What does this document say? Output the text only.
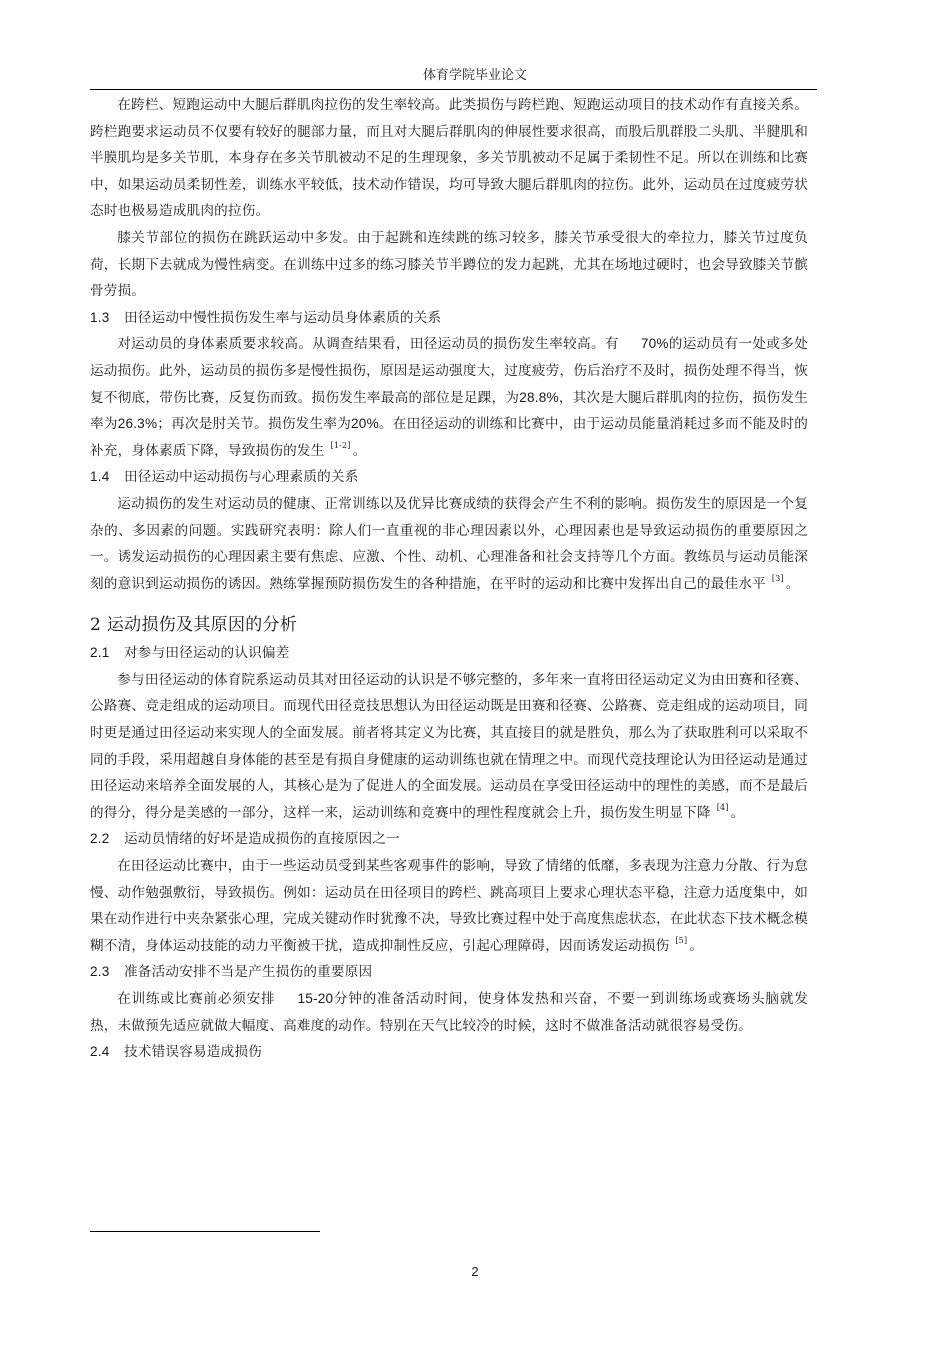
体育学院毕业论文

在跨栏、短跑运动中大腿后群肌肉拉伤的发生率较高。此类损伤与跨栏跑、短跑运动项目的技术动作有直接关系。跨栏跑要求运动员不仅要有较好的腿部力量，而且对大腿后群肌肉的伸展性要求很高，而股后肌群股二头肌、半腱肌和半膜肌均是多关节肌，本身存在多关节肌被动不足的生理现象，多关节肌被动不足属于柔韧性不足。所以在训练和比赛中，如果运动员柔韧性差，训练水平较低，技术动作错误，均可导致大腿后群肌肉的拉伤。此外，运动员在过度疲劳状态时也极易造成肌肉的拉伤。

膝关节部位的损伤在跳跃运动中多发。由于起跳和连续跳的练习较多，膝关节承受很大的牵拉力，膝关节过度负荷，长期下去就成为慢性病变。在训练中过多的练习膝关节半蹲位的发力起跳，尤其在场地过硬时，也会导致膝关节髌骨劳损。

1.3 田径运动中慢性损伤发生率与运动员身体素质的关系

对运动员的身体素质要求较高。从调查结果看，田径运动员的损伤发生率较高。有 70%的运动员有一处或多处运动损伤。此外，运动员的损伤多是慢性损伤，原因是运动强度大，过度疲劳，伤后治疗不及时，损伤处理不得当，恢复不彻底，带伤比赛，反复伤而致。损伤发生率最高的部位是足踝，为28.8%，其次是大腿后群肌肉的拉伤，损伤发生率为26.3%；再次是肘关节。损伤发生率为20%。在田径运动的训练和比赛中，由于运动员能量消耗过多而不能及时的补充，身体素质下降，导致损伤的发生 [1-2] 。

1.4 田径运动中运动损伤与心理素质的关系

运动损伤的发生对运动员的健康、正常训练以及优异比赛成绩的获得会产生不利的影响。损伤发生的原因是一个复杂的、多因素的问题。实践研究表明：除人们一直重视的非心理因素以外，心理因素也是导致运动损伤的重要原因之一。诱发运动损伤的心理因素主要有焦虑、应激、个性、动机、心理准备和社会支持等几个方面。教练员与运动员能深刻的意识到运动损伤的诱因。熟练掌握预防损伤发生的各种措施，在平时的运动和比赛中发挥出自己的最佳水平 [3] 。

2 运动损伤及其原因的分析

2.1 对参与田径运动的认识偏差

参与田径运动的体育院系运动员其对田径运动的认识是不够完整的，多年来一直将田径运动定义为由田赛和径赛、公路赛、竞走组成的运动项目。而现代田径竞技思想认为田径运动既是田赛和径赛、公路赛、竞走组成的运动项目，同时更是通过田径运动来实现人的全面发展。前者将其定义为比赛，其直接目的就是胜负，那么为了获取胜利可以采取不同的手段，采用超越自身体能的甚至是有损自身健康的运动训练也就在情理之中。而现代竞技理论认为田径运动是通过田径运动来培养全面发展的人，其核心是为了促进人的全面发展。运动员在享受田径运动中的理性的美感，而不是最后的得分，得分是美感的一部分，这样一来，运动训练和竞赛中的理性程度就会上升，损伤发生明显下降 [4] 。

2.2 运动员情绪的好坏是造成损伤的直接原因之一

在田径运动比赛中，由于一些运动员受到某些客观事件的影响，导致了情绪的低靡，多表现为注意力分散、行为怠慢、动作勉强敷衍，导致损伤。例如：运动员在田径项目的跨栏、跳高项目上要求心理状态平稳，注意力适度集中，如果在动作进行中夹杂紧张心理，完成关键动作时犹豫不决，导致比赛过程中处于高度焦虑状态，在此状态下技术概念模糊不清，身体运动技能的动力平衡被干扰，造成抑制性反应，引起心理障碍，因而诱发运动损伤 [5] 。

2.3 准备活动安排不当是产生损伤的重要原因

在训练或比赛前必须安排 15-20分钟的准备活动时间，使身体发热和兴奋，不要一到训练场或赛场头脑就发热，未做预先适应就做大幅度、高难度的动作。特别在天气比较冷的时候，这时不做准备活动就很容易受伤。

2.4 技术错误容易造成损伤

2
